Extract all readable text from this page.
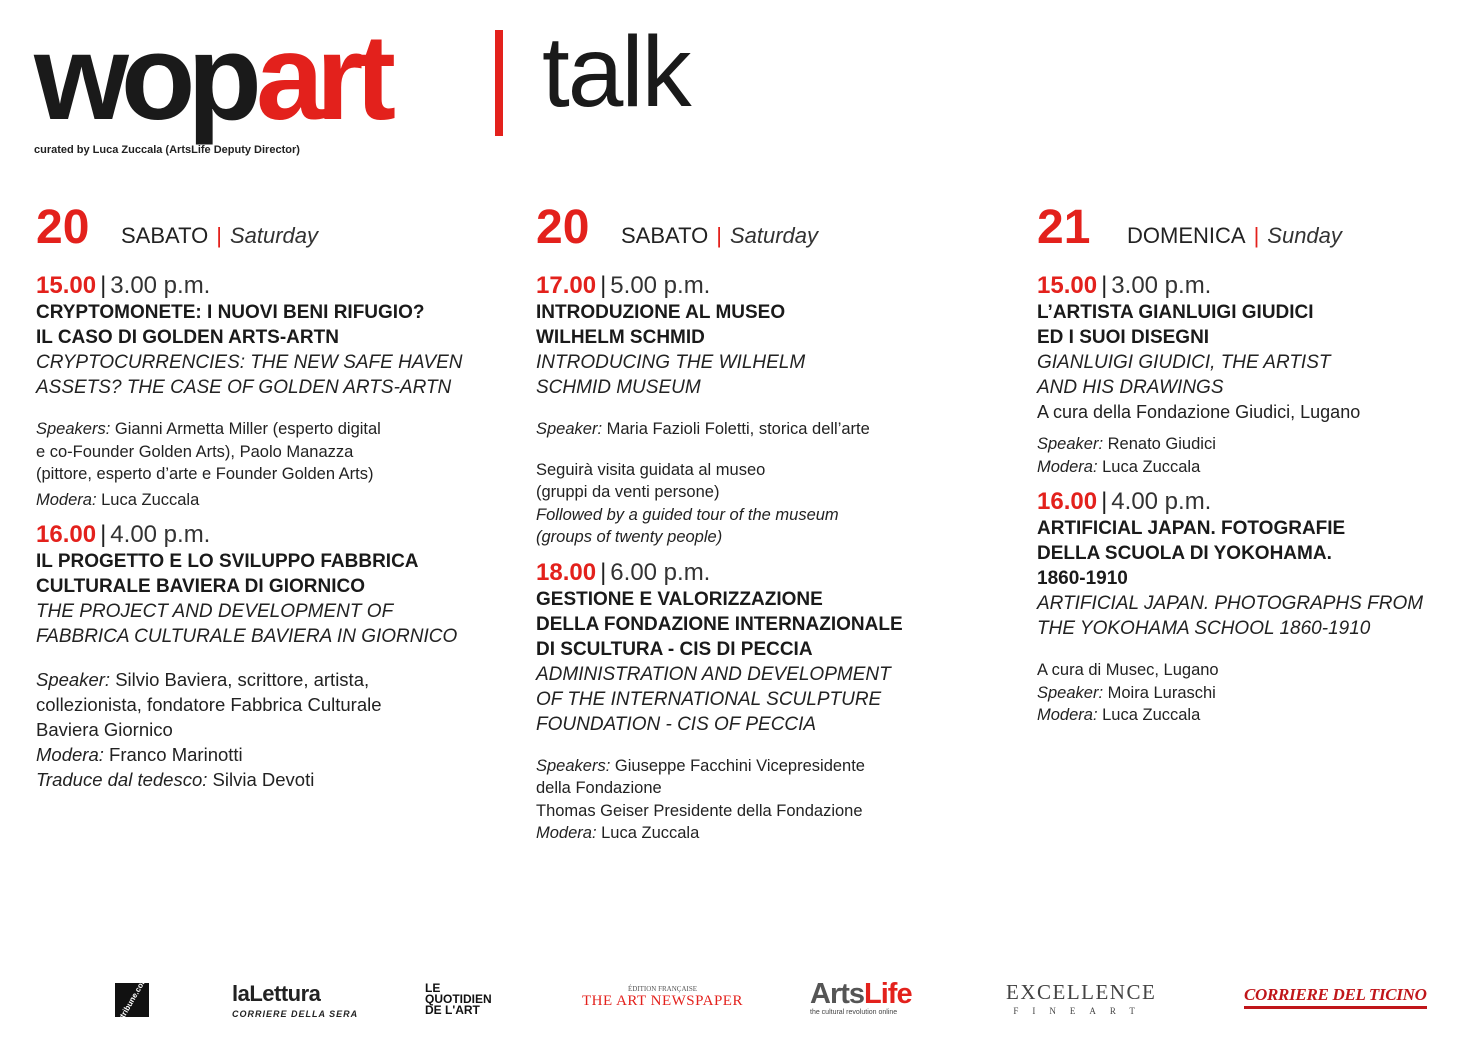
wop art talk
curated by Luca Zuccala (ArtsLife Deputy Director)
20 SABATO | Saturday
15.00 | 3.00 p.m.
CRYPTOMONETE: I NUOVI BENI RIFUGIO?
IL CASO DI GOLDEN ARTS-ARTN
CRYPTOCURRENCIES: THE NEW SAFE HAVEN
ASSETS? THE CASE OF GOLDEN ARTS-ARTN
Speakers: Gianni Armetta Miller (esperto digital
e co-Founder Golden Arts), Paolo Manazza
(pittore, esperto d’arte e Founder Golden Arts)
Modera: Luca Zuccala
16.00 | 4.00 p.m.
IL PROGETTO E LO SVILUPPO FABBRICA
CULTURALE BAVIERA DI GIORNICO
THE PROJECT AND DEVELOPMENT OF
FABBRICA CULTURALE BAVIERA IN GIORNICO
Speaker: Silvio Baviera, scrittore, artista,
collezionista, fondatore Fabbrica Culturale
Baviera Giornico
Modera: Franco Marinotti
Traduce dal tedesco: Silvia Devoti
20 SABATO | Saturday
17.00 | 5.00 p.m.
INTRODUZIONE AL MUSEO
WILHELM SCHMID
INTRODUCING THE WILHELM
SCHMID MUSEUM
Speaker: Maria Fazioli Foletti, storica dell’arte
Seguirà visita guidata al museo
(gruppi da venti persone)
Followed by a guided tour of the museum
(groups of twenty people)
18.00 | 6.00 p.m.
GESTIONE E VALORIZZAZIONE
DELLA FONDAZIONE INTERNAZIONALE
DI SCULTURA - CIS DI PECCIA
ADMINISTRATION AND DEVELOPMENT
OF THE INTERNATIONAL SCULPTURE
FOUNDATION - CIS OF PECCIA
Speakers: Giuseppe Facchini Vicepresidente
della Fondazione
Thomas Geiser Presidente della Fondazione
Modera: Luca Zuccala
21 DOMENICA | Sunday
15.00 | 3.00 p.m.
L’ARTISTA GIANLUIGI GIUDICI
ED I SUOI DISEGNI
GIANLUIGI GIUDICI, THE ARTIST
AND HIS DRAWINGS
A cura della Fondazione Giudici, Lugano
Speaker: Renato Giudici
Modera: Luca Zuccala
16.00 | 4.00 p.m.
ARTIFICIAL JAPAN. FOTOGRAFIE
DELLA SCUOLA DI YOKOHAMA.
1860-1910
ARTIFICIAL JAPAN. PHOTOGRAPHS FROM
THE YOKOHAMA SCHOOL 1860-1910
A cura di Musec, Lugano
Speaker: Moira Luraschi
Modera: Luca Zuccala
artribune.com	laLettura
CORRIERE DELLA SERA
LE
QUOTIDIEN
DE L'ART
ÉDITION FRANÇAISE
THE ART NEWSPAPER ArtsLife
the cultural revolution online
EXCELLENCE
FINEART
CORRIERE DEL TICINO
